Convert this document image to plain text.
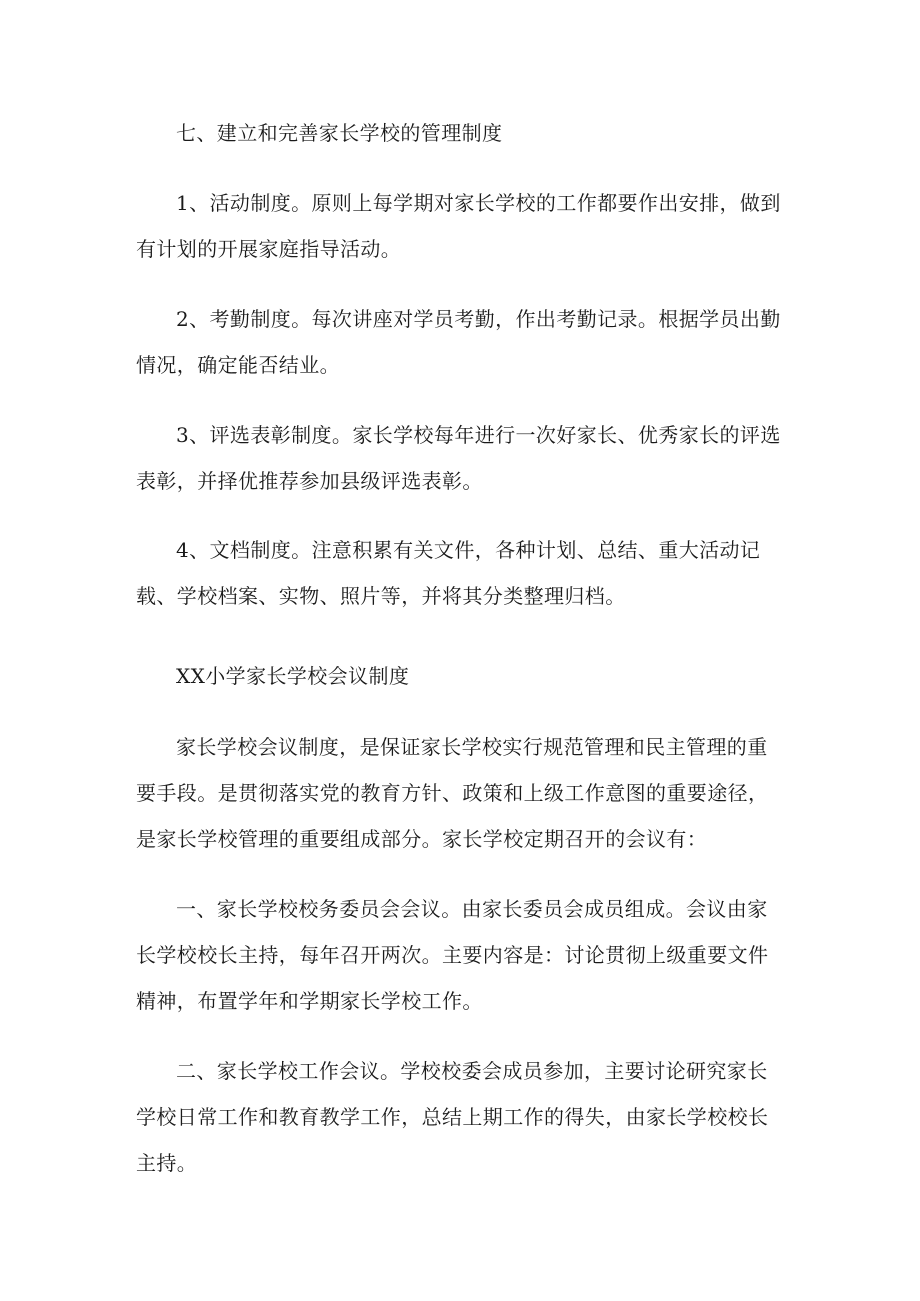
七、建立和完善家长学校的管理制度

1、活动制度。原则上每学期对家长学校的工作都要作出安排，做到有计划的开展家庭指导活动。

2、考勤制度。每次讲座对学员考勤，作出考勤记录。根据学员出勤情况，确定能否结业。

3、评选表彰制度。家长学校每年进行一次好家长、优秀家长的评选表彰，并择优推荐参加县级评选表彰。

4、文档制度。注意积累有关文件，各种计划、总结、重大活动记载、学校档案、实物、照片等，并将其分类整理归档。

XX小学家长学校会议制度

家长学校会议制度，是保证家长学校实行规范管理和民主管理的重要手段。是贯彻落实党的教育方针、政策和上级工作意图的重要途径，是家长学校管理的重要组成部分。家长学校定期召开的会议有：

一、家长学校校务委员会会议。由家长委员会成员组成。会议由家长学校校长主持，每年召开两次。主要内容是：讨论贯彻上级重要文件精神，布置学年和学期家长学校工作。

二、家长学校工作会议。学校校委会成员参加，主要讨论研究家长学校日常工作和教育教学工作，总结上期工作的得失，由家长学校校长主持。
